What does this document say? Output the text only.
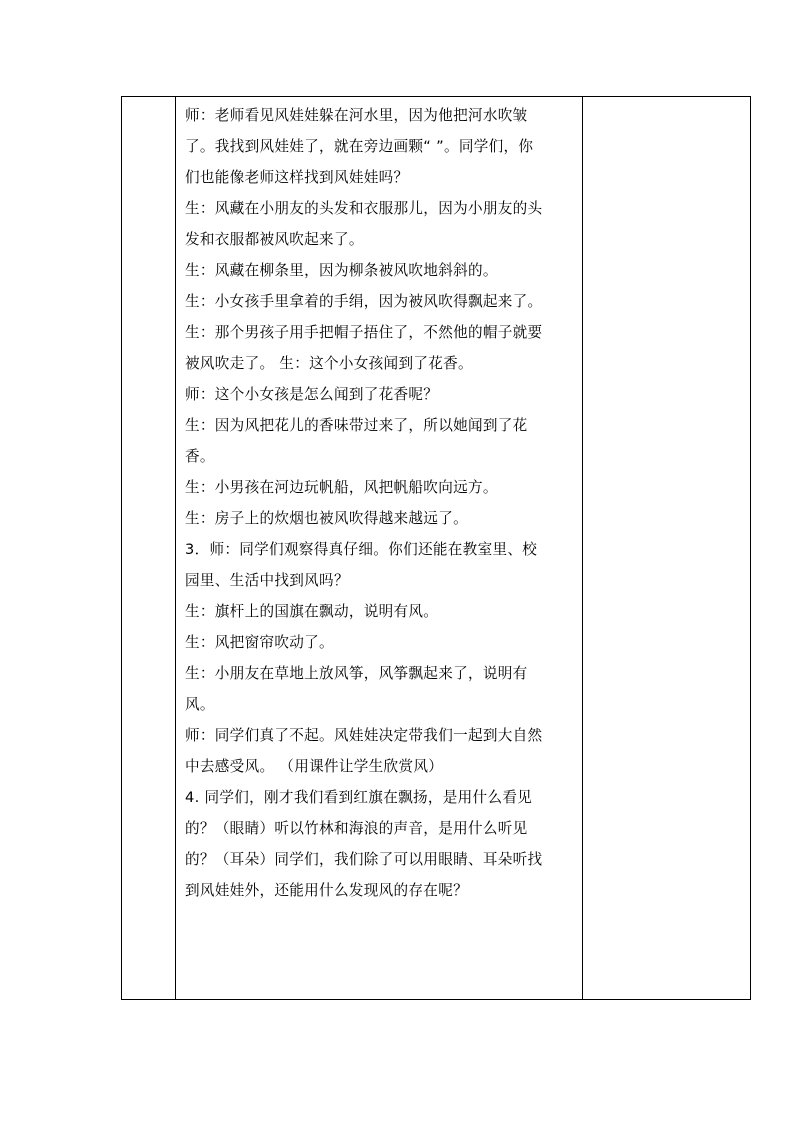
师：老师看见风娃娃躲在河水里，因为他把河水吹皱
了。我找到风娃娃了，就在旁边画颗“ ”。同学们，你
们也能像老师这样找到风娃娃吗？
生：风藏在小朋友的头发和衣服那儿，因为小朋友的头
发和衣服都被风吹起来了。
生：风藏在柳条里，因为柳条被风吹地斜斜的。
生：小女孩手里拿着的手绢，因为被风吹得飘起来了。
生：那个男孩子用手把帽子捂住了，不然他的帽子就要
被风吹走了。 生：这个小女孩闻到了花香。
师：这个小女孩是怎么闻到了花香呢？
生：因为风把花儿的香味带过来了，所以她闻到了花
香。
生：小男孩在河边玩帆船，风把帆船吹向远方。
生：房子上的炊烟也被风吹得越来越远了。
3．师：同学们观察得真仔细。你们还能在教室里、校
园里、生活中找到风吗？
生：旗杆上的国旗在飘动，说明有风。
生：风把窗帘吹动了。
生：小朋友在草地上放风筝，风筝飘起来了，说明有
风。
师：同学们真了不起。风娃娃决定带我们一起到大自然
中去感受风。 （用课件让学生欣赏风）
4. 同学们，刚才我们看到红旗在飘扬，是用什么看见
的？（眼睛）听以竹林和海浪的声音，是用什么听见
的？（耳朵）同学们，我们除了可以用眼睛、耳朵听找
到风娃娃外，还能用什么发现风的存在呢？
